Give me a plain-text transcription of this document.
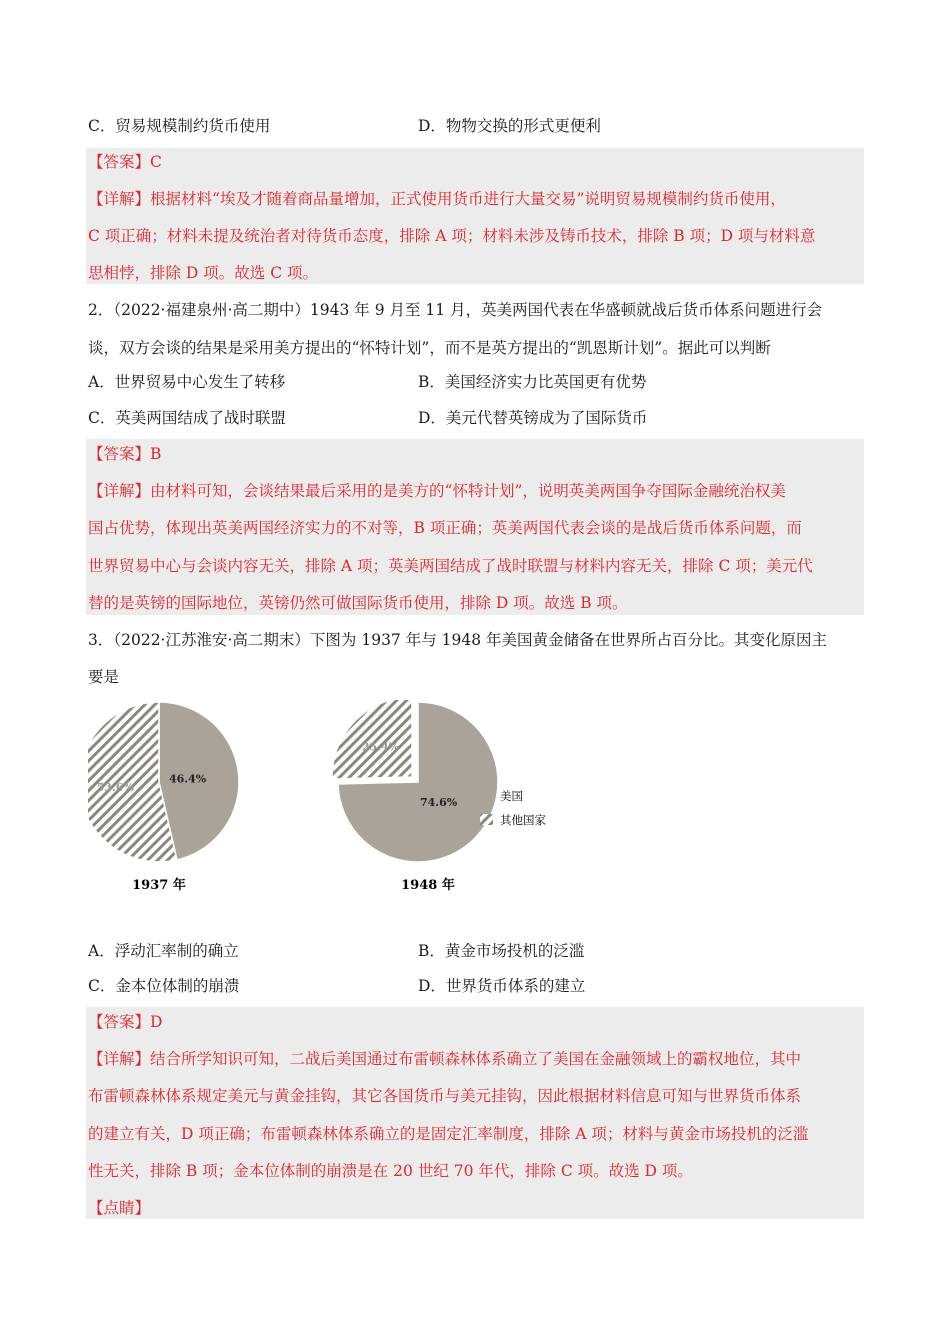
C．贸易规模制约货币使用	D．物物交换的形式更便利
【答案】C
【详解】根据材料“埃及才随着商品量增加，正式使用货币进行大量交易”说明贸易规模制约货币使用，
C 项正确；材料未提及统治者对待货币态度，排除 A 项；材料未涉及铸币技术，排除 B 项；D 项与材料意
思相悖，排除 D 项。故选 C 项。
2．（2022·福建泉州·高二期中）1943 年 9 月至 11 月，英美两国代表在华盛顿就战后货币体系问题进行会
谈，双方会谈的结果是采用美方提出的“怀特计划”，而不是英方提出的“凯恩斯计划”。据此可以判断
A．世界贸易中心发生了转移	B．美国经济实力比英国更有优势
C．英美两国结成了战时联盟	D．美元代替英镑成为了国际货币
【答案】B
【详解】由材料可知，会谈结果最后采用的是美方的“怀特计划”，说明英美两国争夺国际金融统治权美
国占优势，体现出英美两国经济实力的不对等，B 项正确；英美两国代表会谈的是战后货币体系问题，而
世界贸易中心与会谈内容无关，排除 A 项；英美两国结成了战时联盟与材料内容无关，排除 C 项；美元代
替的是英镑的国际地位，英镑仍然可做国际货币使用，排除 D 项。故选 B 项。
3．（2022·江苏淮安·高二期末）下图为 1937 年与 1948 年美国黄金储备在世界所占百分比。其变化原因主
要是
46.4%
53.6%
74.6%
25.4%
1937 年	1948 年
美国
其他国家
A．浮动汇率制的确立	B．黄金市场投机的泛滥
C．金本位体制的崩溃	D．世界货币体系的建立
【答案】D
【详解】结合所学知识可知，二战后美国通过布雷顿森林体系确立了美国在金融领域上的霸权地位，其中
布雷顿森林体系规定美元与黄金挂钩，其它各国货币与美元挂钩，因此根据材料信息可知与世界货币体系
的建立有关，D 项正确；布雷顿森林体系确立的是固定汇率制度，排除 A 项；材料与黄金市场投机的泛滥
性无关，排除 B 项；金本位体制的崩溃是在 20 世纪 70 年代，排除 C 项。故选 D 项。
【点睛】
